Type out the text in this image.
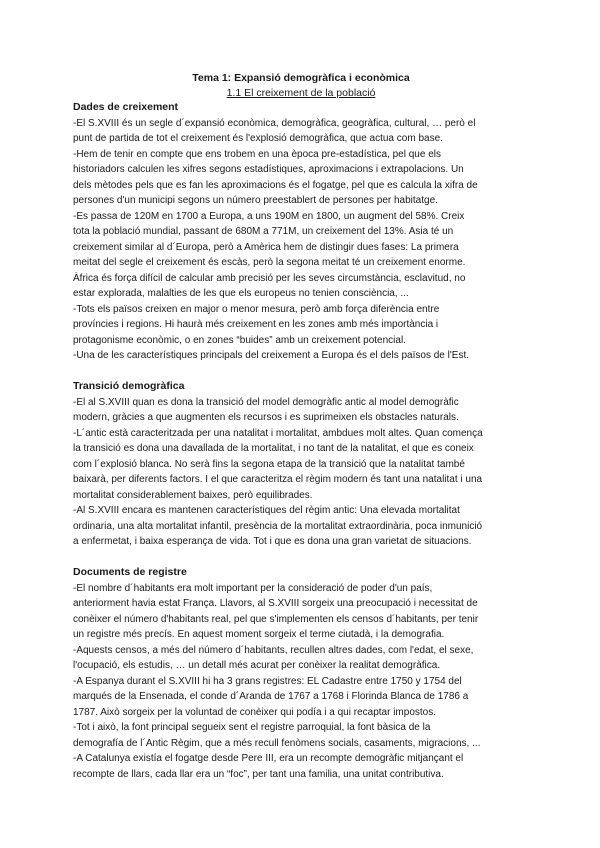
Tema 1: Expansió demogràfica i econòmica
1.1 El creixement de la població
Dades de creixement
-El S.XVIII és un segle d´expansió econòmica, demogràfica, geogràfica, cultural, … però el
punt de partida de tot el creixement és l'explosió demogràfica, que actua com base.
-Hem de tenir en compte que ens trobem en una època pre-estadística, pel que els
historiadors calculen les xifres segons estadístiques, aproximacions i extrapolacions. Un
dels mètodes pels que es fan les aproximacions és el fogatge, pel que es calcula la xifra de
persones d'un municipi segons un número preestablert de persones per habitatge.
-Es passa de 120M en 1700 a Europa, a uns 190M en 1800, un augment del 58%. Creix
tota la població mundial, passant de 680M a 771M, un creixement del 13%. Asia té un
creixement similar al d´Europa, però a Amèrica hem de distingir dues fases: La primera
meitat del segle el creixement és escàs, però la segona meitat té un creixement enorme.
Àfrica és força difícil de calcular amb precisió per les seves circumstància, esclavitud, no
estar explorada, malalties de les que els europeus no tenien consciència, ...
-Tots els països creixen en major o menor mesura, però amb força diferència entre
províncies i regions. Hi haurà més creixement en les zones amb més importància i
protagonisme econòmic, o en zones “buides” amb un creixement potencial.
-Una de les característiques principals del creixement a Europa és el dels països de l'Est.
Transició demogràfica
-El al S.XVIII quan es dona la transició del model demogràfic antic al model demogràfic
modern, gràcies a que augmenten els recursos i es suprimeixen els obstacles naturals.
-L´antic està caracteritzada per una natalitat i mortalitat, ambdues molt altes. Quan comença
la transició es dona una davallada de la mortalitat, i no tant de la natalitat, el que es coneix
com l´explosió blanca. No serà fins la segona etapa de la transició que la natalitat també
baixarà, per diferents factors. I el que caracteritza el règim modern és tant una natalitat i una
mortalitat considerablement baixes, però equilibrades.
-Al S.XVIII encara es mantenen característiques del règim antic: Una elevada mortalitat
ordinaria, una alta mortalitat infantil, presència de la mortalitat extraordinària, poca inmunició
a enfermetat, i baixa esperança de vida. Tot i que es dona una gran varietat de situacions.
Documents de registre
-El nombre d´habitants era molt important per la consideració de poder d'un país,
anteriorment havia estat França. Llavors, al S.XVIII sorgeix una preocupació i necessitat de
conèixer el número d'habitants real, pel que s'implementen els censos d´habitants, per tenir
un registre més precís. En aquest moment sorgeix el terme ciutadà, i la demografia.
-Aquests censos, a més del número d´habitants, recullen altres dades, com l'edat, el sexe,
l'ocupació, els estudis, … un detall més acurat per conèixer la realitat demogràfica.
-A Espanya durant el S.XVIII hi ha 3 grans registres: EL Cadastre entre 1750 y 1754 del
marqués de la Ensenada, el conde d´Aranda de 1767 a 1768 i Florinda Blanca de 1786 a
1787. Això sorgeix per la voluntad de conèixer qui podía i a qui recaptar impostos.
-Tot i això, la font principal segueix sent el registre parroquial, la font bàsica de la
demografía de l´Antic Règim, que a més recull fenòmens socials, casaments, migracions, ...
-A Catalunya existía el fogatge desde Pere III, era un recompte demogràfic mitjançant el
recompte de llars, cada llar era un “foc”, per tant una familia, una unitat contributiva.
